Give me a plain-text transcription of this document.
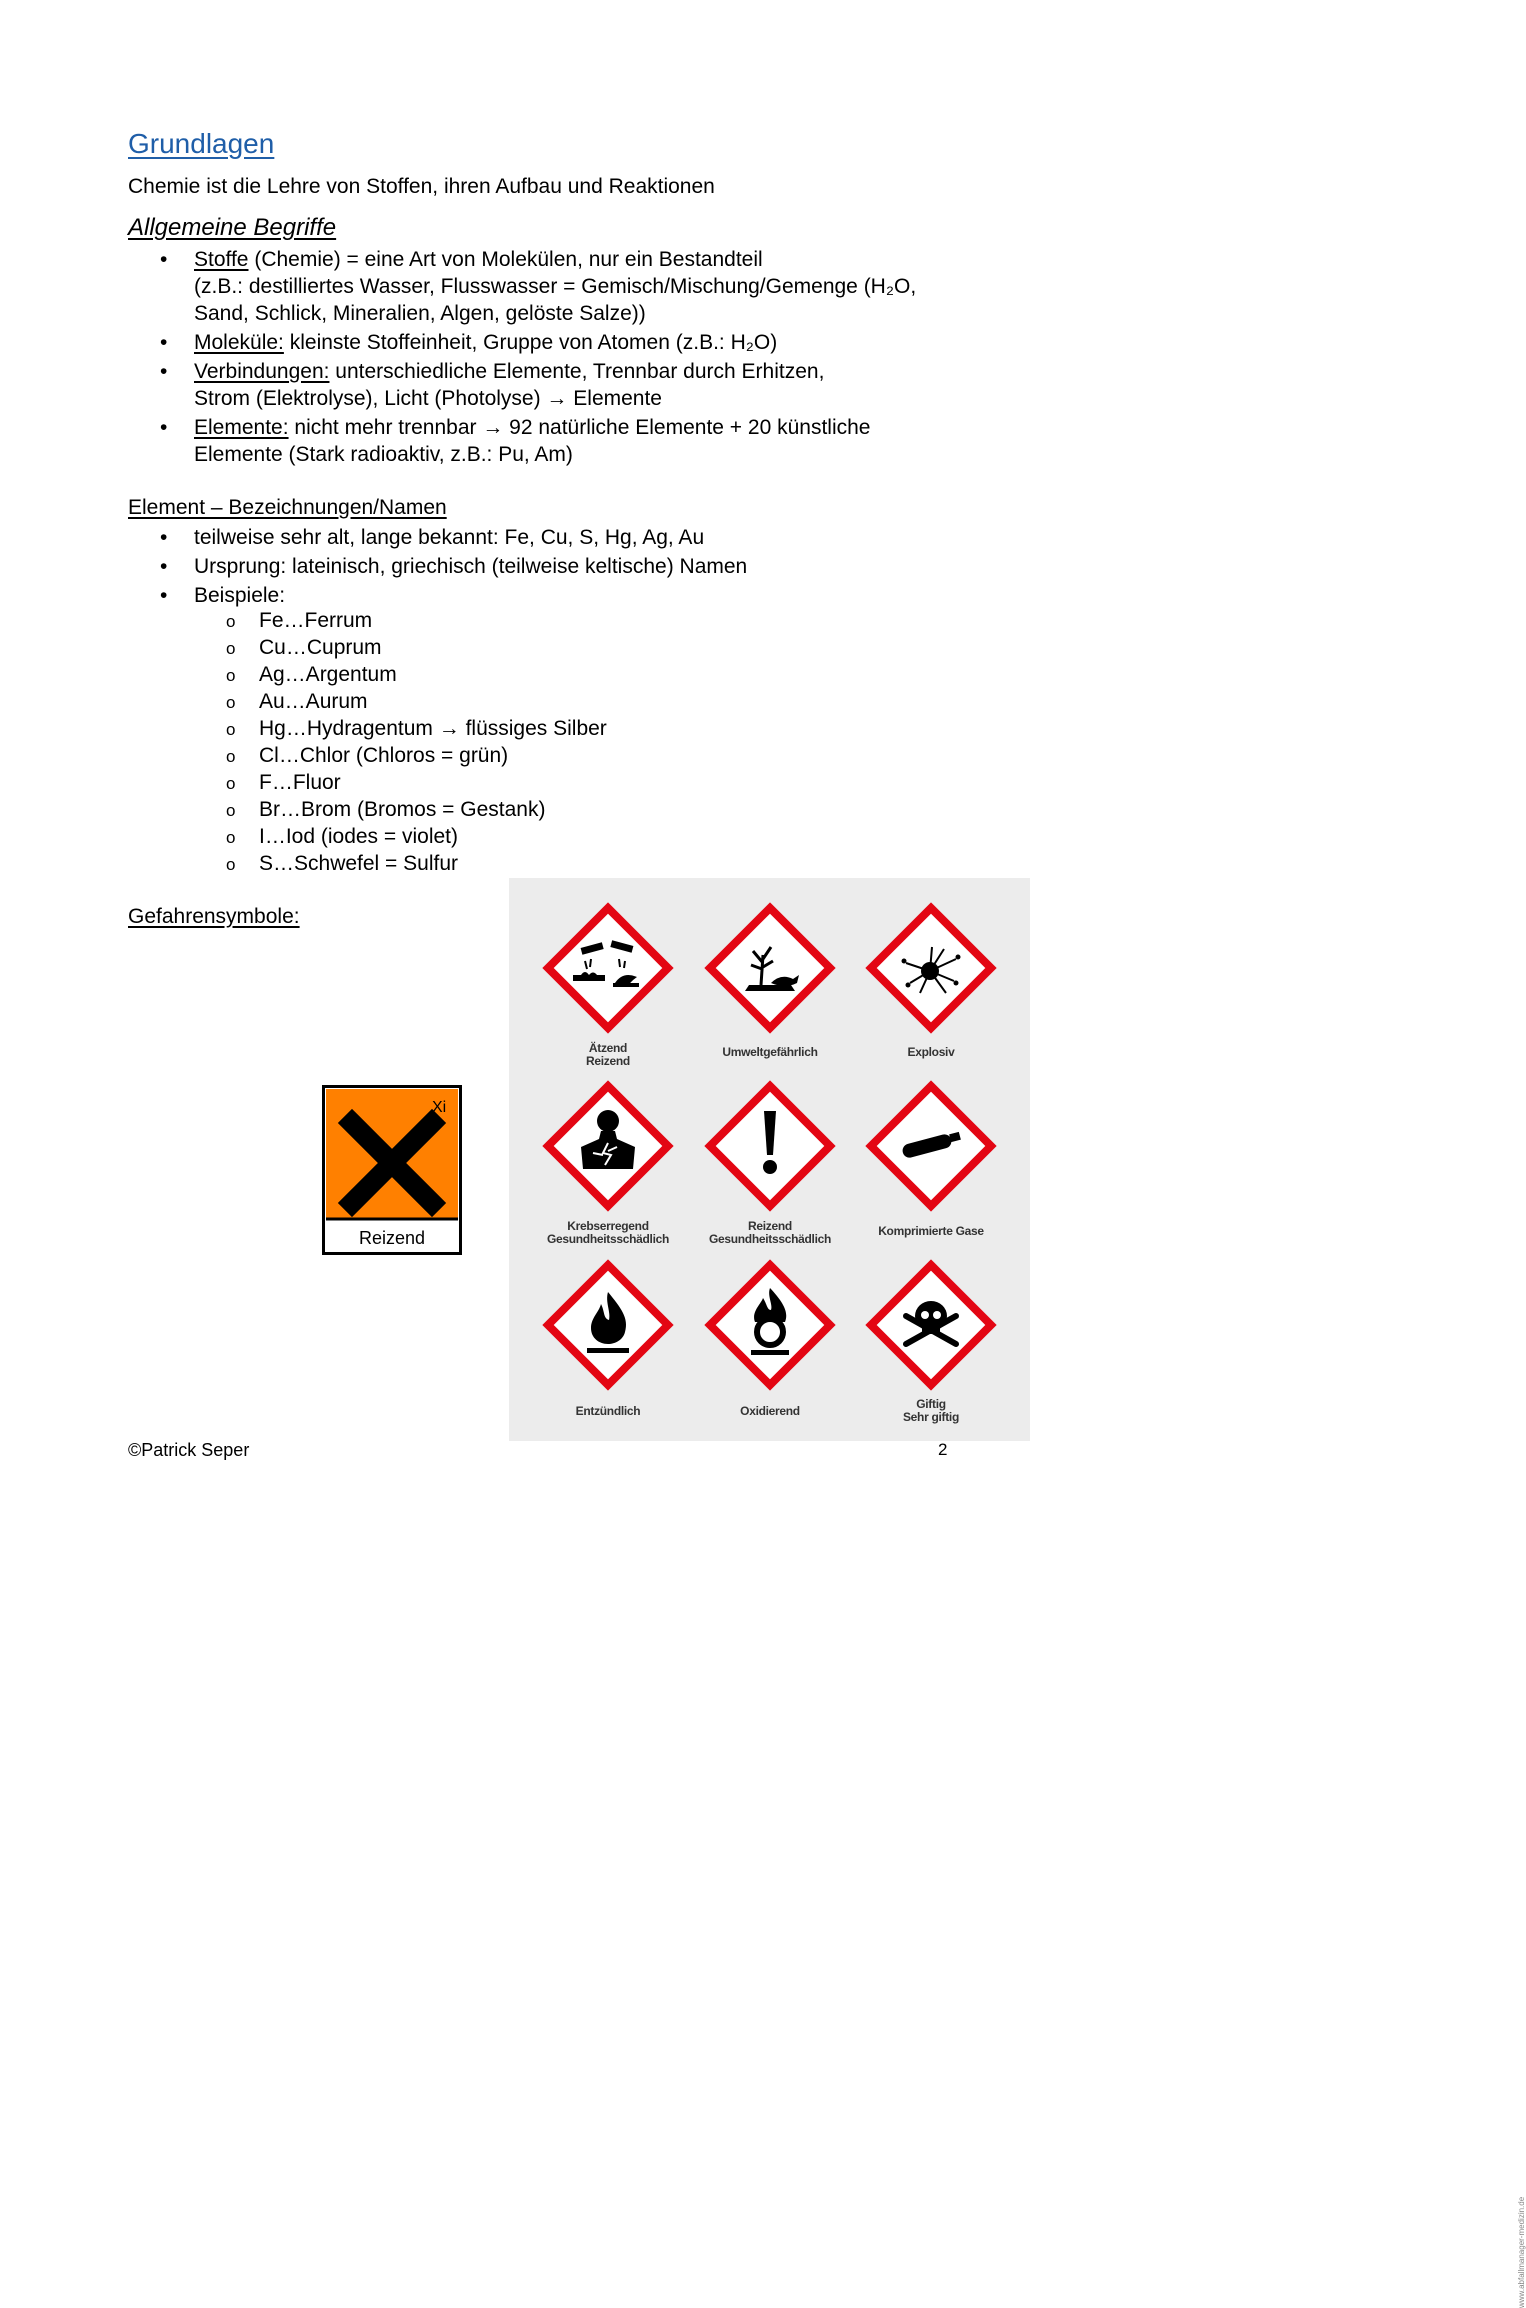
Grundlagen
Chemie ist die Lehre von Stoffen, ihren Aufbau und Reaktionen
Allgemeine Begriffe
• Stoffe (Chemie) = eine Art von Molekülen, nur ein Bestandteil
(z.B.: destilliertes Wasser, Flusswasser = Gemisch/Mischung/Gemenge (H₂O,
Sand, Schlick, Mineralien, Algen, gelöste Salze))
• Moleküle: kleinste Stoffeinheit, Gruppe von Atomen (z.B.: H₂O)
• Verbindungen: unterschiedliche Elemente, Trennbar durch Erhitzen,
Strom (Elektrolyse), Licht (Photolyse) → Elemente
• Elemente: nicht mehr trennbar → 92 natürliche Elemente + 20 künstliche
Elemente (Stark radioaktiv, z.B.: Pu, Am)
Element – Bezeichnungen/Namen
• teilweise sehr alt, lange bekannt: Fe, Cu, S, Hg, Ag, Au
• Ursprung: lateinisch, griechisch (teilweise keltische) Namen
• Beispiele:
o Fe…Ferrum
o Cu…Cuprum
o Ag…Argentum
o Au…Aurum
o Hg…Hydragentum → flüssiges Silber
o Cl…Chlor (Chloros = grün)
o F…Fluor
o Br…Brom (Bromos = Gestank)
o I…Iod (iodes = violet)
o S…Schwefel = Sulfur
Gefahrensymbole:
Xi
Reizend
Ätzend
Reizend
Umweltgefährlich	Explosiv
Krebserregend
Gesundheitsschädlich
Reizend
Gesundheitsschädlich
Komprimierte Gase
Entzündlich	Oxidierend	Giftig
Sehr giftig
www.abfallmanager-medizin.de
©Patrick Seper	2
